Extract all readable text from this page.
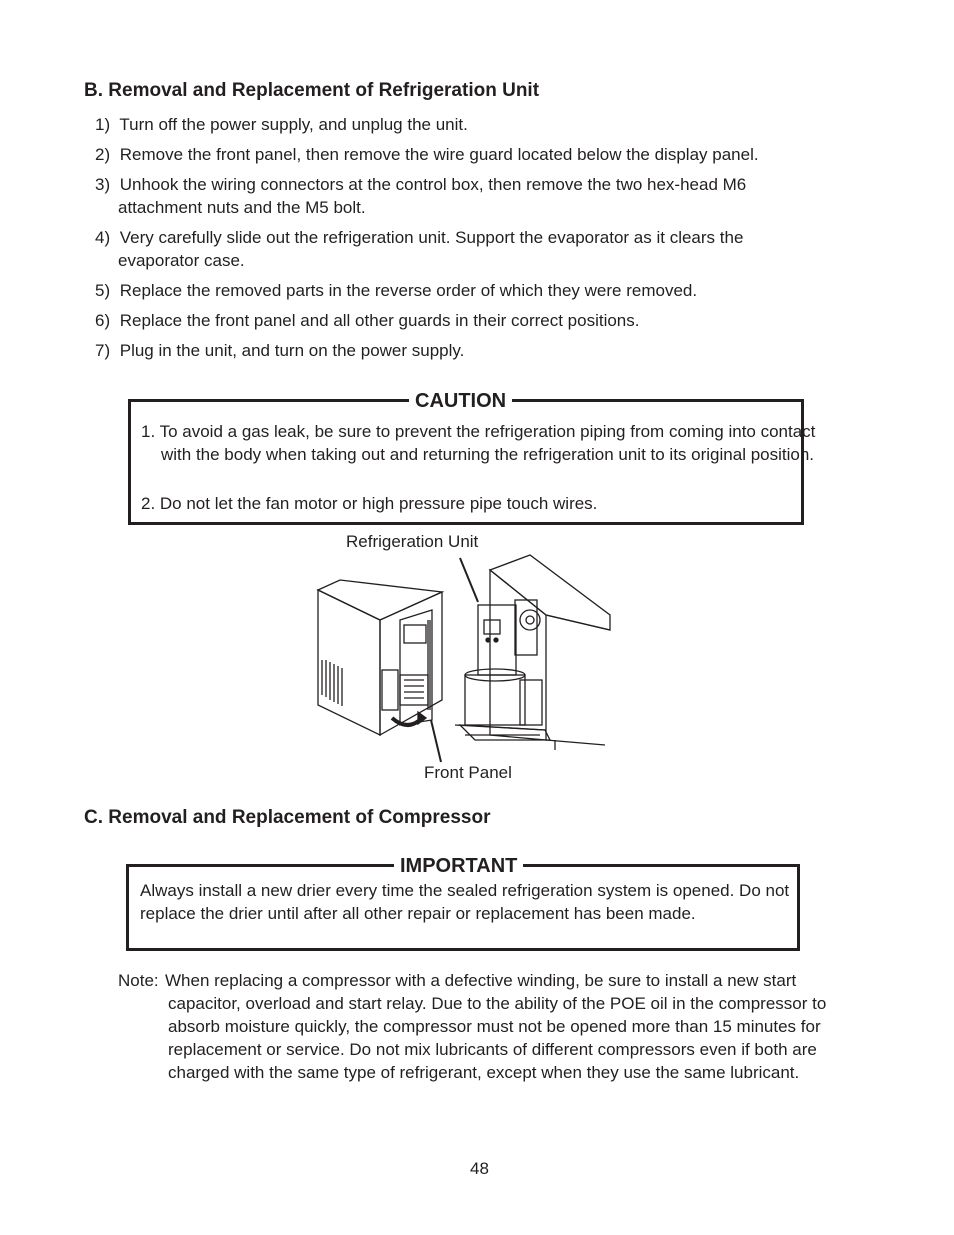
B. Removal and Replacement of Refrigeration Unit
1) Turn off the power supply, and unplug the unit.
2) Remove the front panel, then remove the wire guard located below the display panel.
3) Unhook the wiring connectors at the control box, then remove the two hex-head M6
attachment nuts and the M5 bolt.
4) Very carefully slide out the refrigeration unit. Support the evaporator as it clears the
evaporator case.
5) Replace the removed parts in the reverse order of which they were removed.
6) Replace the front panel and all other guards in their correct positions.
7) Plug in the unit, and turn on the power supply.
CAUTION
1. To avoid a gas leak, be sure to prevent the refrigeration piping from coming into contact with the body when taking out and returning the refrigeration unit to its original position.
2. Do not let the fan motor or high pressure pipe touch wires.
Refrigeration Unit
Front Panel
C. Removal and Replacement of Compressor
IMPORTANT
Always install a new drier every time the sealed refrigeration system is opened. Do not replace the drier until after all other repair or replacement has been made.
Note: When replacing a compressor with a defective winding, be sure to install a new start capacitor, overload and start relay. Due to the ability of the POE oil in the compressor to absorb moisture quickly, the compressor must not be opened more than 15 minutes for replacement or service. Do not mix lubricants of different compressors even if both are charged with the same type of refrigerant, except when they use the same lubricant.
48
